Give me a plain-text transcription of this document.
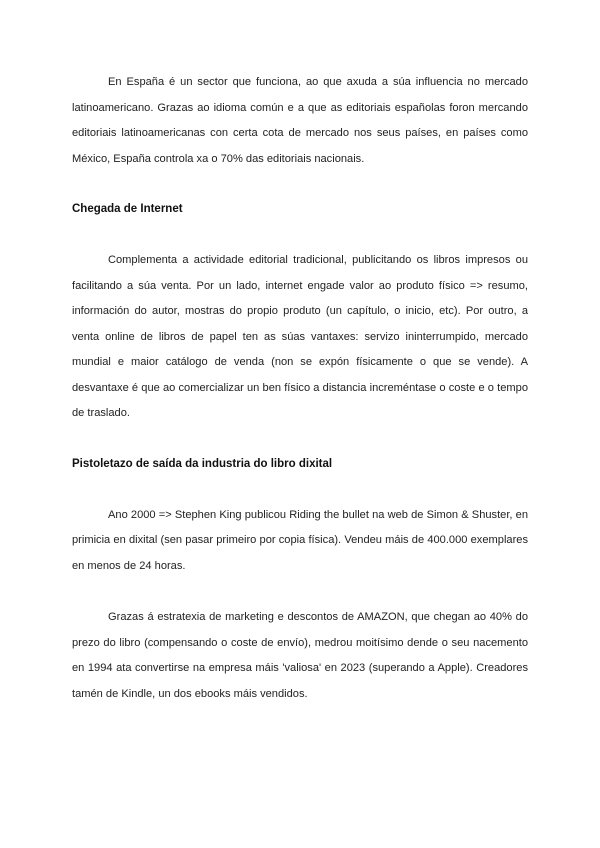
En España é un sector que funciona, ao que axuda a súa influencia no mercado latinoamericano. Grazas ao idioma común e a que as editoriais españolas foron mercando editoriais latinoamericanas con certa cota de mercado nos seus países, en países como México, España controla xa o 70% das editoriais nacionais.

Chegada de Internet

Complementa a actividade editorial tradicional, publicitando os libros impresos ou facilitando a súa venta. Por un lado, internet engade valor ao produto físico => resumo, información do autor, mostras do propio produto (un capítulo, o inicio, etc). Por outro, a venta online de libros de papel ten as súas vantaxes: servizo ininterrumpido, mercado mundial e maior catálogo de venda (non se expón físicamente o que se vende). A desvantaxe é que ao comercializar un ben físico a distancia increméntase o coste e o tempo de traslado.

Pistoletazo de saída da industria do libro dixital

Ano 2000 => Stephen King publicou Riding the bullet na web de Simon & Shuster, en primicia en dixital (sen pasar primeiro por copia física). Vendeu máis de 400.000 exemplares en menos de 24 horas.

Grazas á estratexia de marketing e descontos de AMAZON, que chegan ao 40% do prezo do libro (compensando o coste de envío), medrou moitísimo dende o seu nacemento en 1994 ata convertirse na empresa máis 'valiosa' en 2023 (superando a Apple). Creadores tamén de Kindle, un dos ebooks máis vendidos.
